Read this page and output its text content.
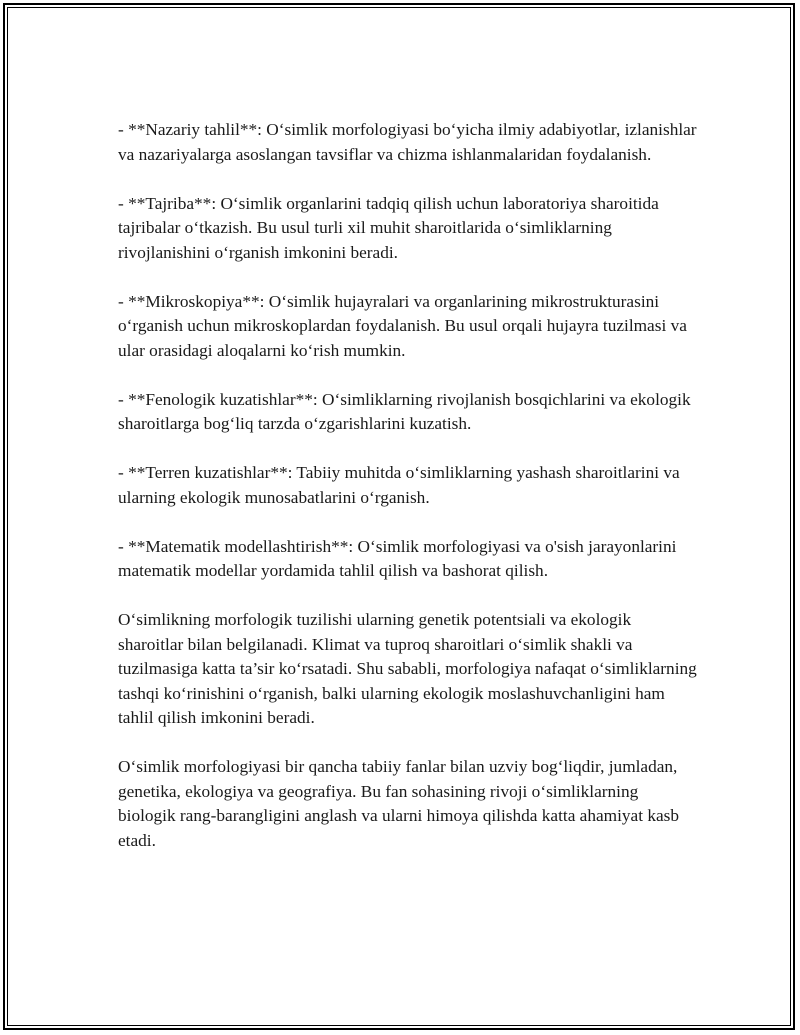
- **Nazariy tahlil**: O‘simlik morfologiyasi bo‘yicha ilmiy adabiyotlar, izlanishlar va nazariyalarga asoslangan tavsiflar va chizma ishlanmalaridan foydalanish.

- **Tajriba**: O‘simlik organlarini tadqiq qilish uchun laboratoriya sharoitida tajribalar o‘tkazish. Bu usul turli xil muhit sharoitlarida o‘simliklarning rivojlanishini o‘rganish imkonini beradi.

- **Mikroskopiya**: O‘simlik hujayralari va organlarining mikrostrukturasini o‘rganish uchun mikroskoplardan foydalanish. Bu usul orqali hujayra tuzilmasi va ular orasidagi aloqalarni ko‘rish mumkin.

- **Fenologik kuzatishlar**: O‘simliklarning rivojlanish bosqichlarini va ekologik sharoitlarga bog‘liq tarzda o‘zgarishlarini kuzatish.

- **Terren kuzatishlar**: Tabiiy muhitda o‘simliklarning yashash sharoitlarini va ularning ekologik munosabatlarini o‘rganish.

- **Matematik modellashtirish**: O‘simlik morfologiyasi va o'sish jarayonlarini matematik modellar yordamida tahlil qilish va bashorat qilish.

O‘simlikning morfologik tuzilishi ularning genetik potentsiali va ekologik sharoitlar bilan belgilanadi. Klimat va tuproq sharoitlari o‘simlik shakli va tuzilmasiga katta ta’sir ko‘rsatadi. Shu sababli, morfologiya nafaqat o‘simliklarning tashqi ko‘rinishini o‘rganish, balki ularning ekologik moslashuvchanligini ham tahlil qilish imkonini beradi.

O‘simlik morfologiyasi bir qancha tabiiy fanlar bilan uzviy bog‘liqdir, jumladan, genetika, ekologiya va geografiya. Bu fan sohasining rivoji o‘simliklarning biologik rang-barangligini anglash va ularni himoya qilishda katta ahamiyat kasb etadi.
